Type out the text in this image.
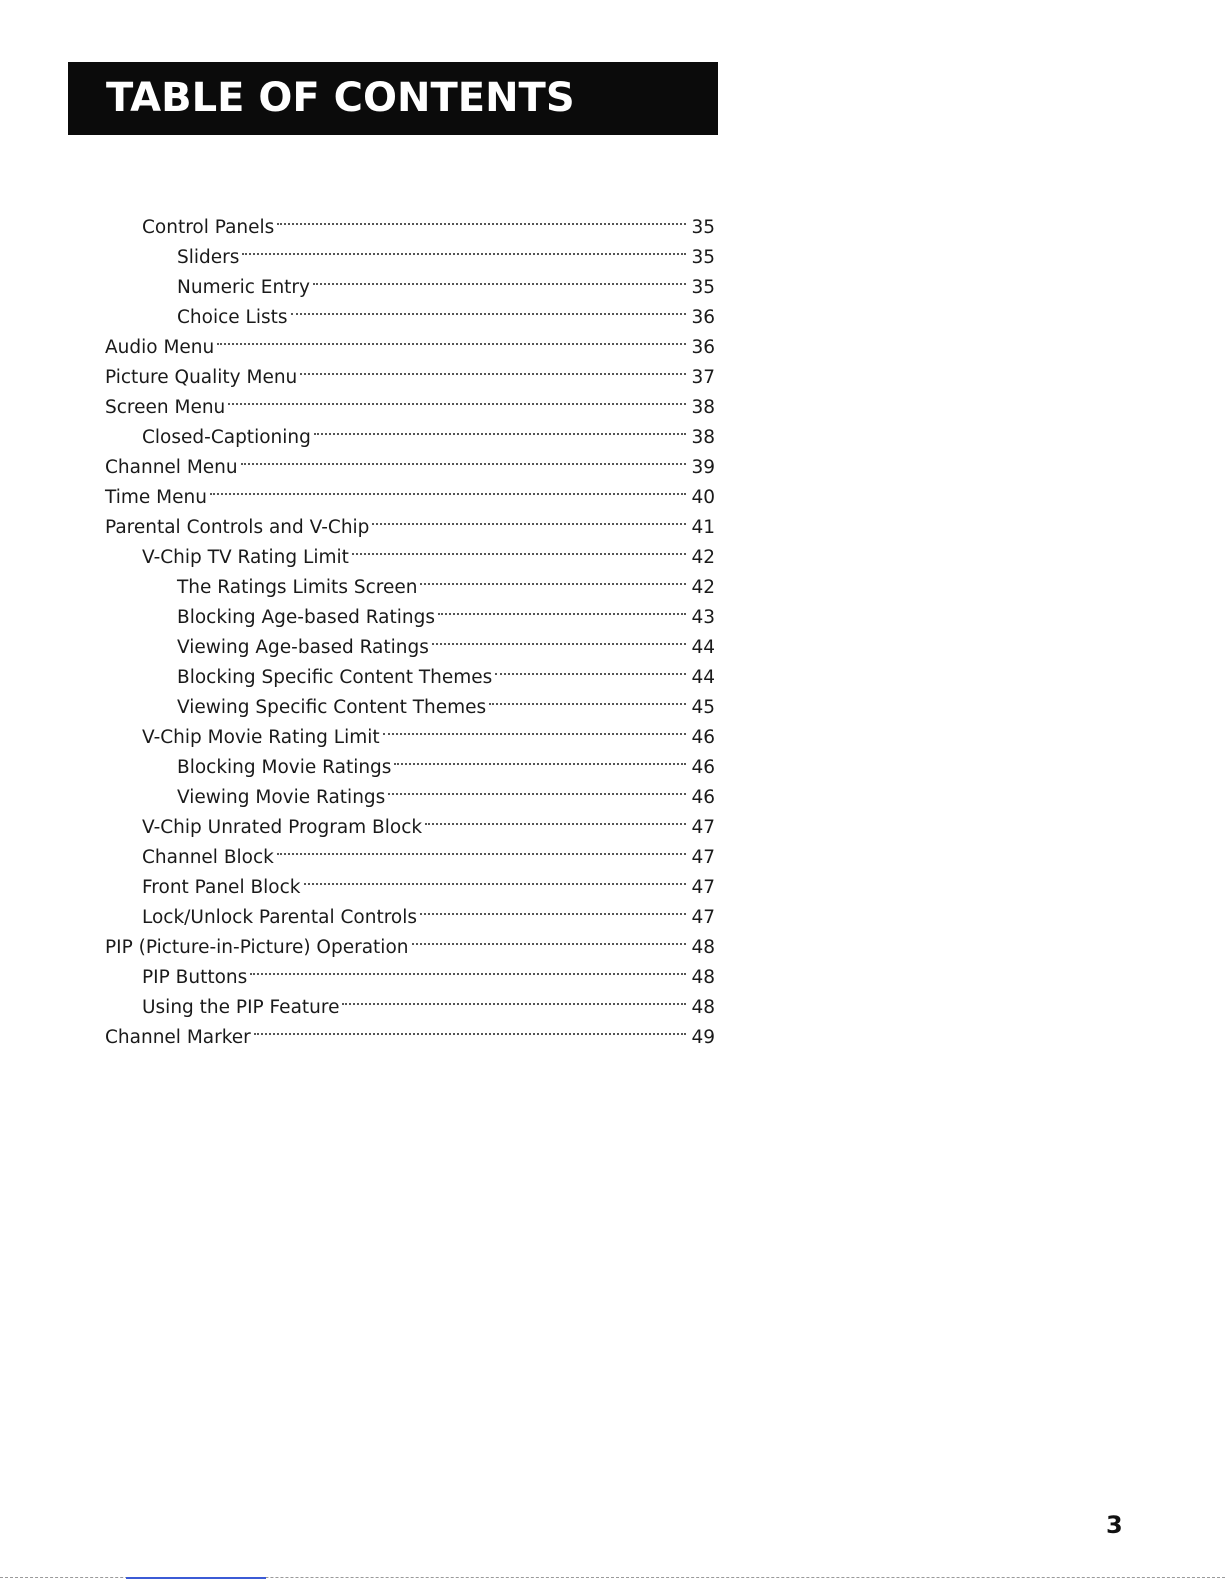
TABLE OF CONTENTS
Control Panels	35
Sliders	35
Numeric Entry	35
Choice Lists	36
Audio Menu	36
Picture Quality Menu	37
Screen Menu	38
Closed-Captioning	38
Channel Menu	39
Time Menu	40
Parental Controls and V-Chip	41
V-Chip TV Rating Limit	42
The Ratings Limits Screen	42
Blocking Age-based Ratings	43
Viewing Age-based Ratings	44
Blocking Specific Content Themes	44
Viewing Specific Content Themes	45
V-Chip Movie Rating Limit	46
Blocking Movie Ratings	46
Viewing Movie Ratings	46
V-Chip Unrated Program Block	47
Channel Block	47
Front Panel Block	47
Lock/Unlock Parental Controls	47
PIP (Picture-in-Picture) Operation	48
PIP Buttons	48
Using the PIP Feature	48
Channel Marker	49
3
